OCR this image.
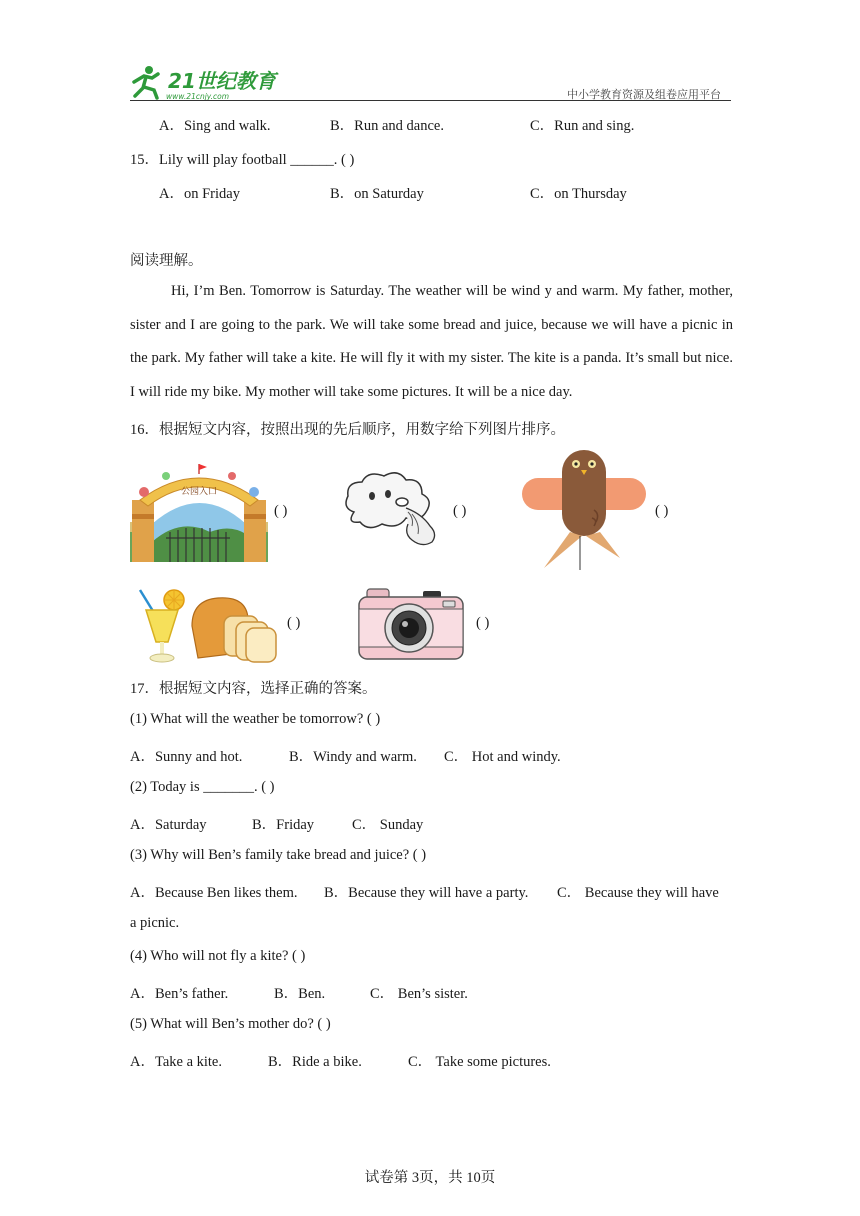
21世纪教育
www.21cnjy.com	中小学教育资源及组卷应用平台
A．Sing and walk.	B．Run and dance.	C．Run and sing.
15．Lily will play football ______. ( )
A．on Friday	B．on Saturday	C．on Thursday
阅读理解。
Hi, I’m Ben. Tomorrow is Saturday. The weather will be wind y and warm. My father, mother, sister and I are going to the park. We will take some bread and juice, because we will have a picnic in the park. My father will take a kite. He will fly it with my sister. The kite is a panda. It’s small but nice. I will ride my bike. My mother will take some pictures. It will be a nice day.
16．根据短文内容，按照出现的先后顺序，用数字给下列图片排序。
公园入口
( )	( )	( )
( )	( )
17．根据短文内容，选择正确的答案。
(1) What will the weather be tomorrow? ( )
A．Sunny and hot.	B．Windy and warm. C． Hot and windy.
(2) Today is _______. ( )
A．Saturday	B．Friday	C． Sunday
(3) Why will Ben’s family take bread and juice? ( )
A．Because Ben likes them. B．Because they will have a party. C． Because they will have
a picnic.
(4) Who will not fly a kite? ( )
A．Ben’s father.	B．Ben.	C． Ben’s sister.
(5) What will Ben’s mother do? ( )
A．Take a kite.	B．Ride a bike.	C． Take some pictures.
试卷第 3页，共 10页
